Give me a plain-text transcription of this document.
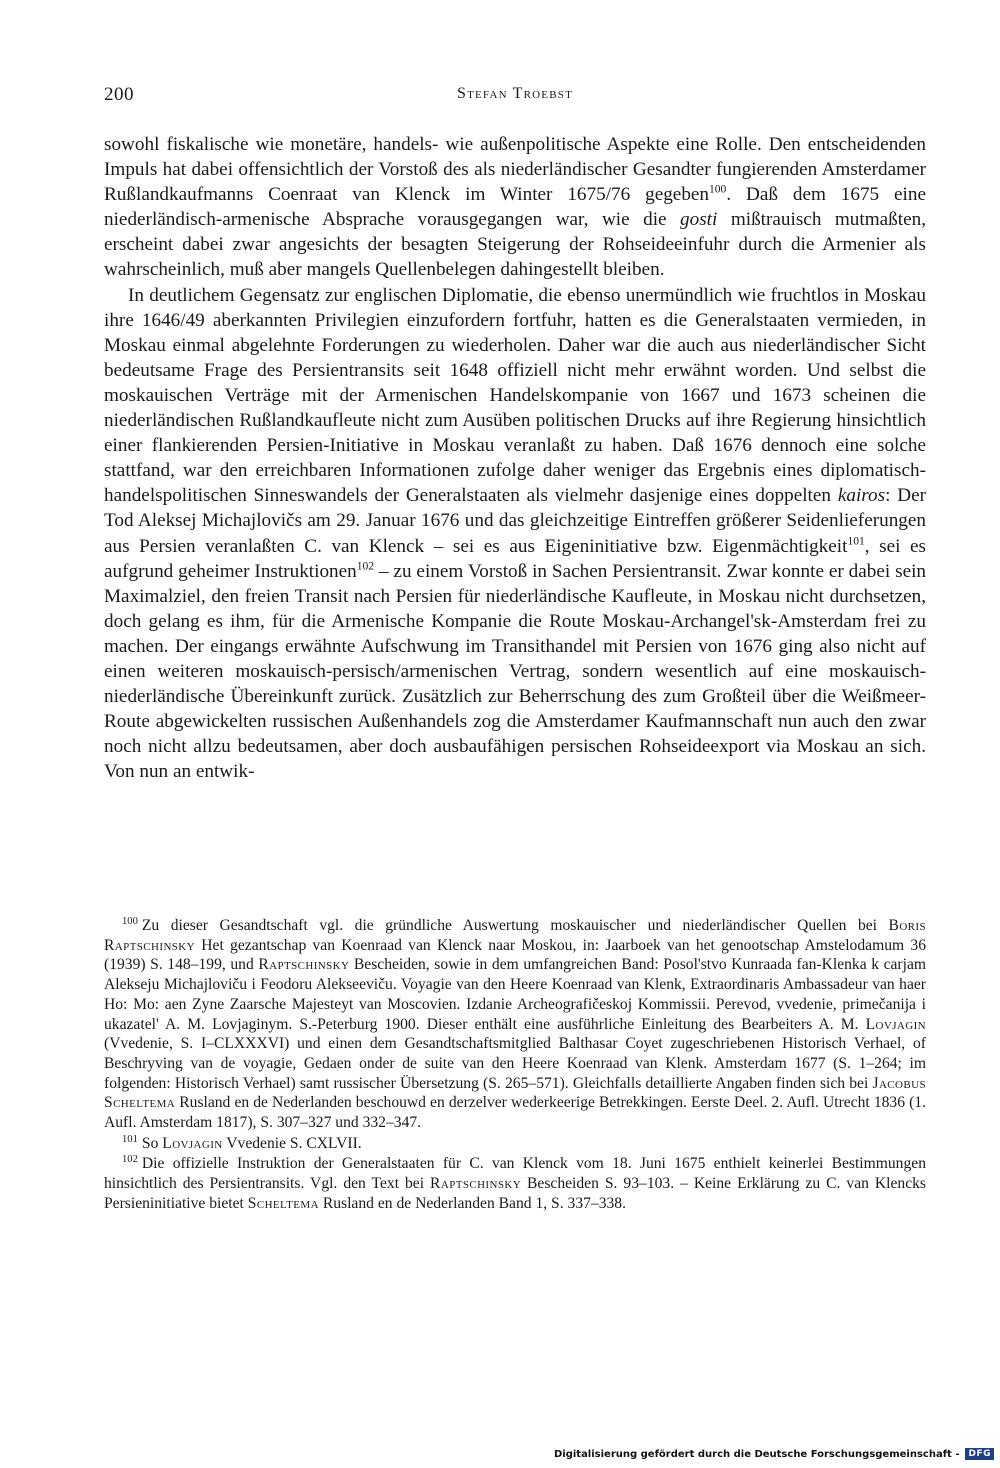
200	Stefan Troebst

sowohl fiskalische wie monetäre, handels- wie außenpolitische Aspekte eine Rolle. Den entscheidenden Impuls hat dabei offensichtlich der Vorstoß des als niederländischer Gesandter fungierenden Amsterdamer Rußlandkaufmanns Coenraat van Klenck im Winter 1675/76 gegeben$^{100}$. Daß dem 1675 eine niederländisch-armenische Absprache vorausgegangen war, wie die gosti mißtrauisch mutmaßten, erscheint dabei zwar angesichts der besagten Steigerung der Rohseideeinfuhr durch die Armenier als wahrscheinlich, muß aber mangels Quellenbelegen dahingestellt bleiben.

In deutlichem Gegensatz zur englischen Diplomatie, die ebenso unermündlich wie fruchtlos in Moskau ihre 1646/49 aberkannten Privilegien einzufordern fortfuhr, hatten es die Generalstaaten vermieden, in Moskau einmal abgelehnte Forderungen zu wiederholen. Daher war die auch aus niederländischer Sicht bedeutsame Frage des Persientransits seit 1648 offiziell nicht mehr erwähnt worden. Und selbst die moskauischen Verträge mit der Armenischen Handelskompanie von 1667 und 1673 scheinen die niederländischen Rußlandkaufleute nicht zum Ausüben politischen Drucks auf ihre Regierung hinsichtlich einer flankierenden Persien-Initiative in Moskau veranlaßt zu haben. Daß 1676 dennoch eine solche stattfand, war den erreichbaren Informationen zufolge daher weniger das Ergebnis eines diplomatisch-handelspolitischen Sinneswandels der Generalstaaten als vielmehr dasjenige eines doppelten kairos: Der Tod Aleksej Michajlovičs am 29. Januar 1676 und das gleichzeitige Eintreffen größerer Seidenlieferungen aus Persien veranlaßten C. van Klenck – sei es aus Eigeninitiative bzw. Eigenmächtigkeit$^{101}$, sei es aufgrund geheimer Instruktionen$^{102}$ – zu einem Vorstoß in Sachen Persientransit. Zwar konnte er dabei sein Maximalziel, den freien Transit nach Persien für niederländische Kaufleute, in Moskau nicht durchsetzen, doch gelang es ihm, für die Armenische Kompanie die Route Moskau-Archangel'sk-Amsterdam frei zu machen. Der eingangs erwähnte Aufschwung im Transithandel mit Persien von 1676 ging also nicht auf einen weiteren moskauisch-persisch/armenischen Vertrag, sondern wesentlich auf eine moskauisch-niederländische Übereinkunft zurück. Zusätzlich zur Beherrschung des zum Großteil über die Weißmeer-Route abgewickelten russischen Außenhandels zog die Amsterdamer Kaufmannschaft nun auch den zwar noch nicht allzu bedeutsamen, aber doch ausbaufähigen persischen Rohseideexport via Moskau an sich. Von nun an entwik-

$^{100}$ Zu dieser Gesandtschaft vgl. die gründliche Auswertung moskauischer und niederländischer Quellen bei Boris Raptschinsky Het gezantschap van Koenraad van Klenck naar Moskou, in: Jaarboek van het genootschap Amstelodamum 36 (1939) S. 148–199, und Raptschinsky Bescheiden, sowie in dem umfangreichen Band: Posol'stvo Kunraada fan-Klenka k carjam Alekseju Michajloviču i Feodoru Alekseeviču. Voyagie van den Heere Koenraad van Klenk, Extraordinaris Ambassadeur van haer Ho: Mo: aen Zyne Zaarsche Majesteyt van Moscovien. Izdanie Archeografičeskoj Kommissii. Perevod, vvedenie, primečanija i ukazatel' A. M. Lovjaginym. S.-Peterburg 1900. Dieser enthält eine ausführliche Einleitung des Bearbeiters A. M. Lovjagin (Vvedenie, S. I–CLXXXVI) und einen dem Gesandtschaftsmitglied Balthasar Coyet zugeschriebenen Historisch Verhael, of Beschryving van de voyagie, Gedaen onder de suite van den Heere Koenraad van Klenk. Amsterdam 1677 (S. 1–264; im folgenden: Historisch Verhael) samt russischer Übersetzung (S. 265–571). Gleichfalls detaillierte Angaben finden sich bei Jacobus Scheltema Rusland en de Nederlanden beschouwd en derzelver wederkeerige Betrekkingen. Eerste Deel. 2. Aufl. Utrecht 1836 (1. Aufl. Amsterdam 1817), S. 307–327 und 332–347.

$^{101}$ So Lovjagin Vvedenie S. CXLVII.

$^{102}$ Die offizielle Instruktion der Generalstaaten für C. van Klenck vom 18. Juni 1675 enthielt keinerlei Bestimmungen hinsichtlich des Persientransits. Vgl. den Text bei Raptschinsky Bescheiden S. 93–103. – Keine Erklärung zu C. van Klencks Persieninitiative bietet Scheltema Rusland en de Nederlanden Band 1, S. 337–338.

Digitalisierung gefördert durch die Deutsche Forschungsgemeinschaft -	DFG
